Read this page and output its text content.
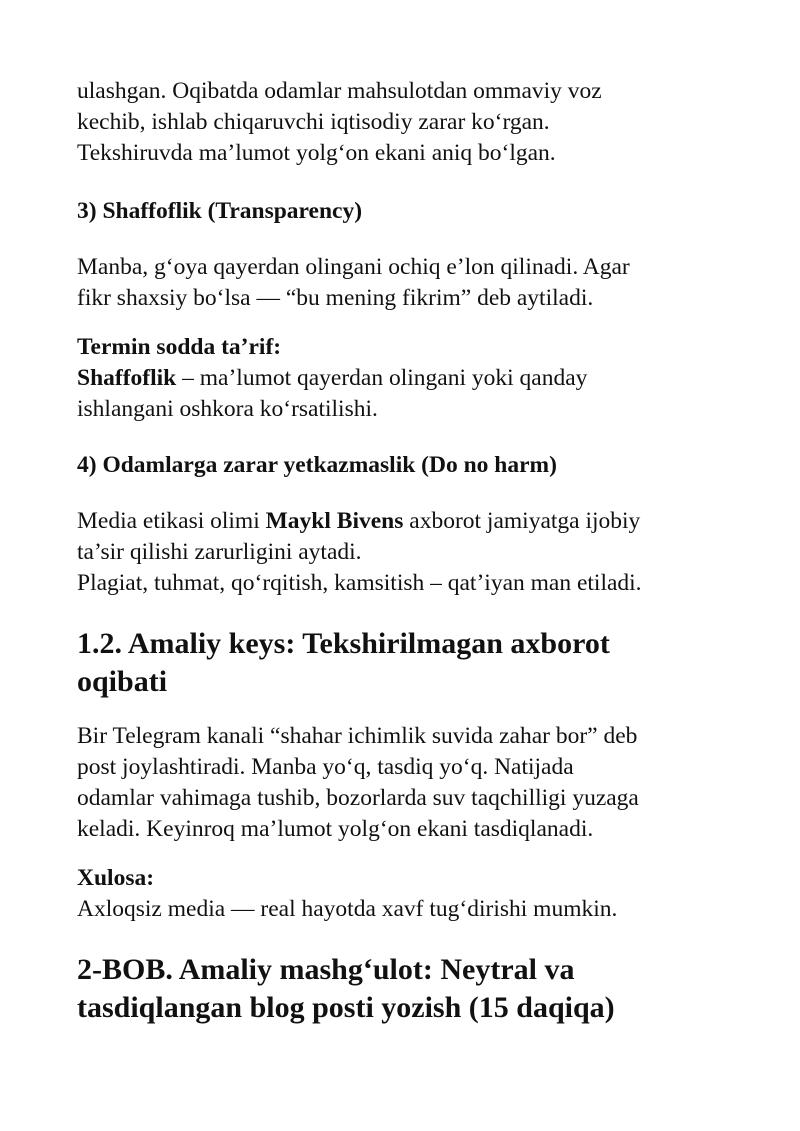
ulashgan. Oqibatda odamlar mahsulotdan ommaviy voz
kechib, ishlab chiqaruvchi iqtisodiy zarar ko‘rgan.
Tekshiruvda ma’lumot yolg‘on ekani aniq bo‘lgan.

3) Shaffoflik (Transparency)

Manba, g‘oya qayerdan olingani ochiq e’lon qilinadi. Agar
fikr shaxsiy bo‘lsa — “bu mening fikrim” deb aytiladi.

Termin sodda ta’rif:
Shaffoflik – ma’lumot qayerdan olingani yoki qanday
ishlangani oshkora ko‘rsatilishi.

4) Odamlarga zarar yetkazmaslik (Do no harm)

Media etikasi olimi Maykl Bivens axborot jamiyatga ijobiy
ta’sir qilishi zarurligini aytadi.
Plagiat, tuhmat, qo‘rqitish, kamsitish – qat’iyan man etiladi.

1.2. Amaliy keys: Tekshirilmagan axborot
oqibati

Bir Telegram kanali “shahar ichimlik suvida zahar bor” deb
post joylashtiradi. Manba yo‘q, tasdiq yo‘q. Natijada
odamlar vahimaga tushib, bozorlarda suv taqchilligi yuzaga
keladi. Keyinroq ma’lumot yolg‘on ekani tasdiqlanadi.

Xulosa:
Axloqsiz media — real hayotda xavf tug‘dirishi mumkin.

2-BOB. Amaliy mashg‘ulot: Neytral va
tasdiqlangan blog posti yozish (15 daqiqa)
